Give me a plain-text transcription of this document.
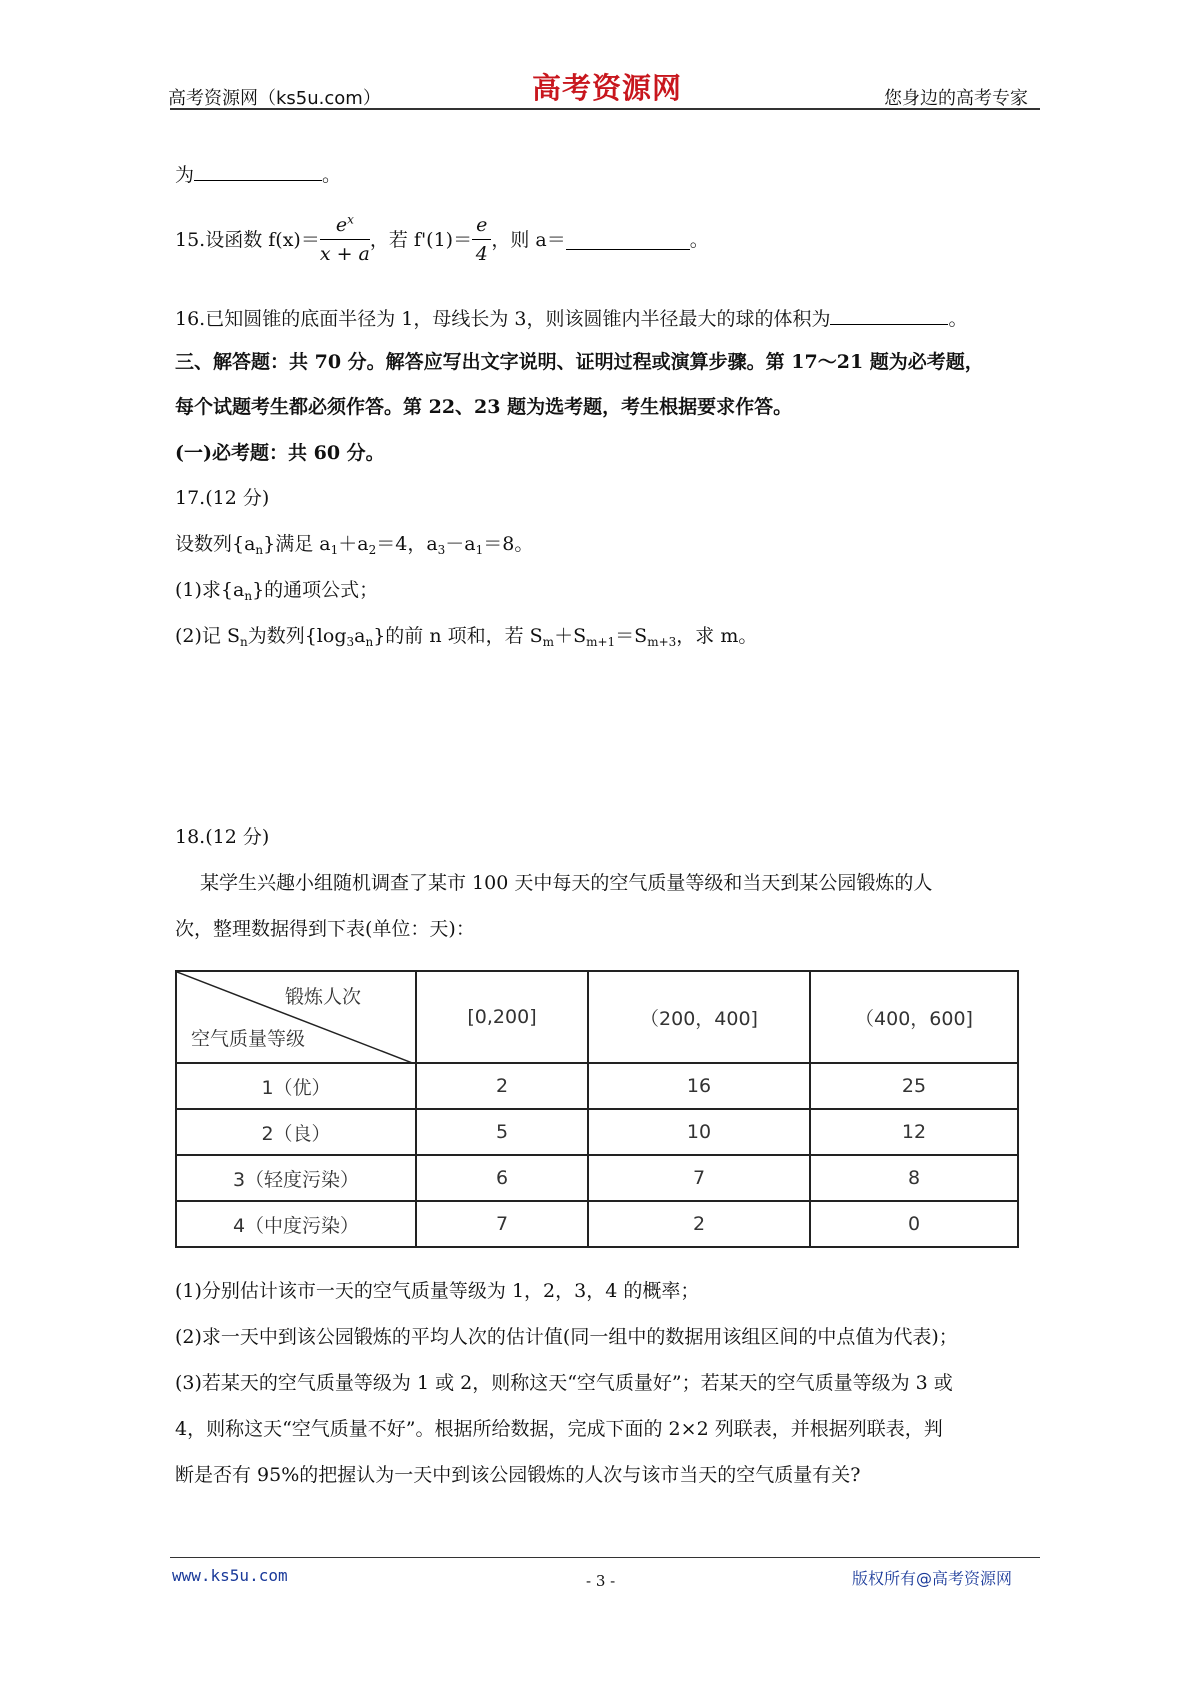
高考资源网（ks5u.com）	高考资源网	您身边的高考专家
为	。
15.设函数 $f(x)= \frac{e^x}{x + a}$ ，若 $f'(1)= \frac{e}{4}$ ，则 a＝	。
16.已知圆锥的底面半径为 1，母线长为 3，则该圆锥内半径最大的球的体积为	。
三、解答题：共 70 分。解答应写出文字说明、证明过程或演算步骤。第 17～21 题为必考题，
每个试题考生都必须作答。第 22、23 题为选考题，考生根据要求作答。
(一)必考题：共 60 分。
17.(12 分)
设数列$\{a_n\}$满足 $a_1+a_2=4$，$a_3-a_1=8$。
(1)求$\{a_n\}$的通项公式；
(2)记 $S_n$为数列$\{\log_3a_n\}$的前 n 项和，若 $S_m+S_{m+1}=S_{m+3}$，求 m。
18.(12 分)
某学生兴趣小组随机调查了某市 100 天中每天的空气质量等级和当天到某公园锻炼的人
次，整理数据得到下表(单位：天)：
锻炼人次
空气质量等级	[0,200]	（200，400]	（400，600]
1（优）	2	16	25
2（良）	5	10	12
3（轻度污染）	6	7	8
4（中度污染）	7	2	0
(1)分别估计该市一天的空气质量等级为 1，2，3，4 的概率；
(2)求一天中到该公园锻炼的平均人次的估计值(同一组中的数据用该组区间的中点值为代表)；
(3)若某天的空气质量等级为 1 或 2，则称这天“空气质量好”；若某天的空气质量等级为 3 或
4，则称这天“空气质量不好”。根据所给数据，完成下面的 2×2 列联表，并根据列联表，判
断是否有 95%的把握认为一天中到该公园锻炼的人次与该市当天的空气质量有关?
www.ks5u.com	- 3 -	版权所有@高考资源网
